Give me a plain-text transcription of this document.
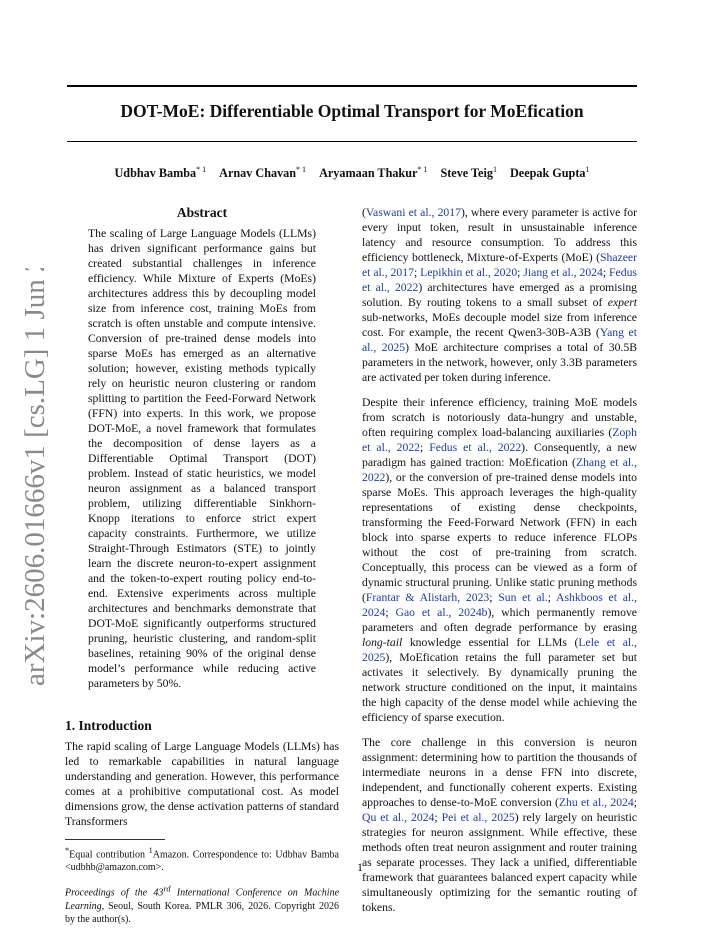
arXiv:2606.01666v1 [cs.LG] 1 Jun 2026
DOT-MoE: Differentiable Optimal Transport for MoEfication
Udbhav Bamba$^{* 1}$ Arnav Chavan$^{* 1}$ Aryamaan Thakur$^{* 1}$ Steve Teig$^1$ Deepak Gupta$^1$
Abstract

The scaling of Large Language Models (LLMs) has driven significant performance gains but created substantial challenges in inference efficiency. While Mixture of Experts (MoEs) architectures address this by decoupling model size from inference cost, training MoEs from scratch is often unstable and compute intensive. Conversion of pre-trained dense models into sparse MoEs has emerged as an alternative solution; however, existing methods typically rely on heuristic neuron clustering or random splitting to partition the Feed-Forward Network (FFN) into experts. In this work, we propose DOT-MoE, a novel framework that formulates the decomposition of dense layers as a Differentiable Optimal Transport (DOT) problem. Instead of static heuristics, we model neuron assignment as a balanced transport problem, utilizing differentiable Sinkhorn-Knopp iterations to enforce strict expert capacity constraints. Furthermore, we utilize Straight-Through Estimators (STE) to jointly learn the discrete neuron-to-expert assignment and the token-to-expert routing policy end-to-end. Extensive experiments across multiple architectures and benchmarks demonstrate that DOT-MoE significantly outperforms structured pruning, heuristic clustering, and random-split baselines, retaining 90% of the original dense model’s performance while reducing active parameters by 50%.

1. Introduction

The rapid scaling of Large Language Models (LLMs) has led to remarkable capabilities in natural language understanding and generation. However, this performance comes at a prohibitive computational cost. As model dimensions grow, the dense activation patterns of standard Transformers

*Equal contribution $^1$Amazon. Correspondence to: Udbhav Bamba <udbhb@amazon.com>.
Proceedings of the 43rd International Conference on Machine Learning, Seoul, South Korea. PMLR 306, 2026. Copyright 2026 by the author(s).

(Vaswani et al., 2017), where every parameter is active for every input token, result in unsustainable inference latency and resource consumption. To address this efficiency bottleneck, Mixture-of-Experts (MoE) (Shazeer et al., 2017; Lepikhin et al., 2020; Jiang et al., 2024; Fedus et al., 2022) architectures have emerged as a promising solution. By routing tokens to a small subset of expert sub-networks, MoEs decouple model size from inference cost. For example, the recent Qwen3-30B-A3B (Yang et al., 2025) MoE architecture comprises a total of 30.5B parameters in the network, however, only 3.3B parameters are activated per token during inference.

Despite their inference efficiency, training MoE models from scratch is notoriously data-hungry and unstable, often requiring complex load-balancing auxiliaries (Zoph et al., 2022; Fedus et al., 2022). Consequently, a new paradigm has gained traction: MoEfication (Zhang et al., 2022), or the conversion of pre-trained dense models into sparse MoEs. This approach leverages the high-quality representations of existing dense checkpoints, transforming the Feed-Forward Network (FFN) in each block into sparse experts to reduce inference FLOPs without the cost of pre-training from scratch. Conceptually, this process can be viewed as a form of dynamic structural pruning. Unlike static pruning methods (Frantar & Alistarh, 2023; Sun et al.; Ashkboos et al., 2024; Gao et al., 2024b), which permanently remove parameters and often degrade performance by erasing long-tail knowledge essential for LLMs (Lele et al., 2025), MoEfication retains the full parameter set but activates it selectively. By dynamically pruning the network structure conditioned on the input, it maintains the high capacity of the dense model while achieving the efficiency of sparse execution.

The core challenge in this conversion is neuron assignment: determining how to partition the thousands of intermediate neurons in a dense FFN into discrete, independent, and functionally coherent experts. Existing approaches to dense-to-MoE conversion (Zhu et al., 2024; Qu et al., 2024; Pei et al., 2025) rely largely on heuristic strategies for neuron assignment. While effective, these methods often treat neuron assignment and router training as separate processes. They lack a unified, differentiable framework that guarantees balanced expert capacity while simultaneously optimizing for the semantic routing of tokens.

1
